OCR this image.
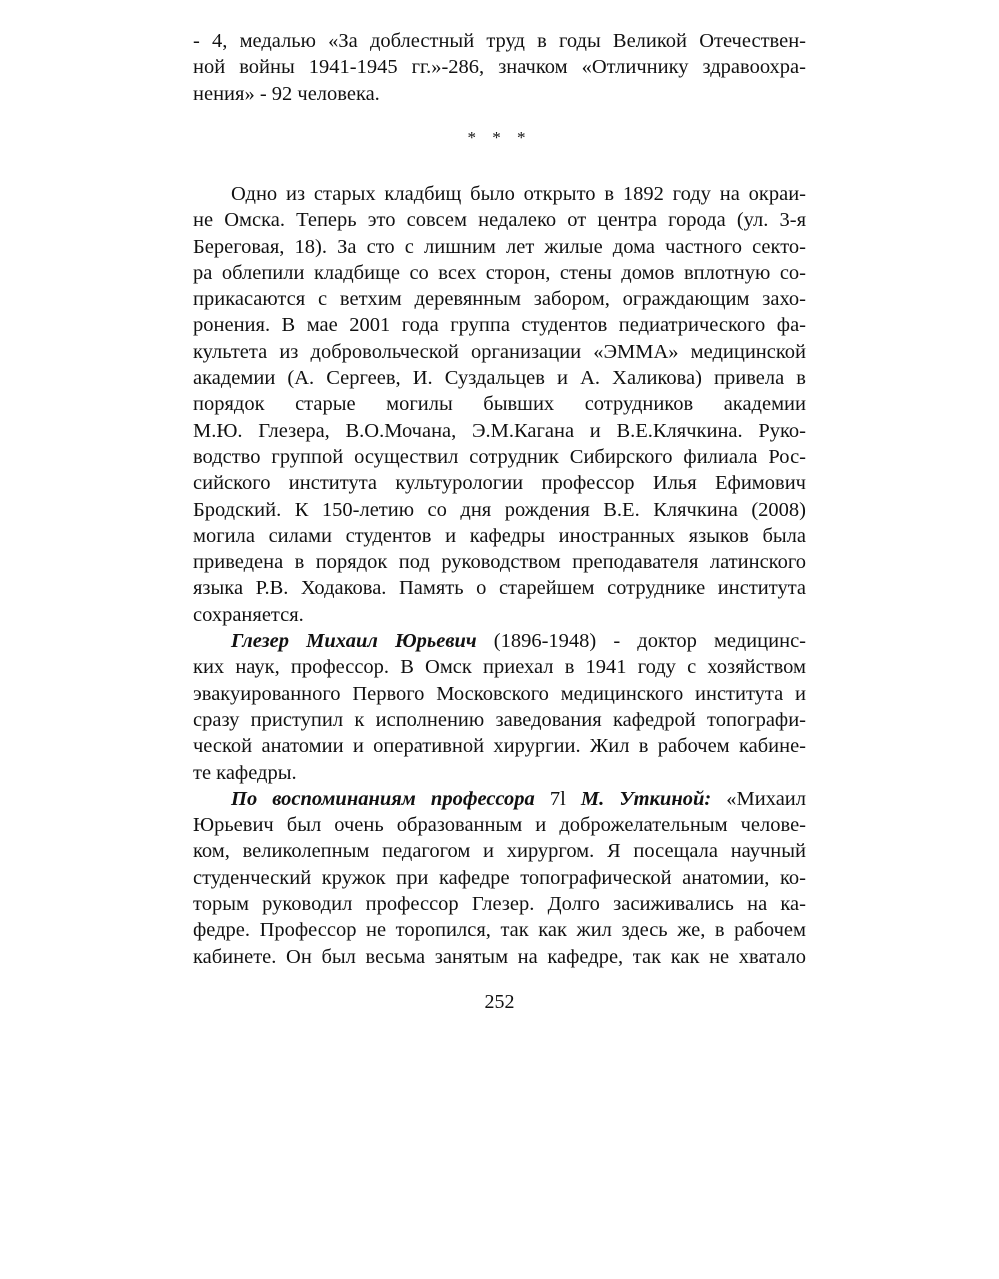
- 4, медалью «За доблестный труд в годы Великой Отечествен-
ной войны 1941-1945 гг.»-286, значком «Отличнику здравоохра-
нения» - 92 человека.
* * *
Одно из старых кладбищ было открыто в 1892 году на окраи-
не Омска. Теперь это совсем недалеко от центра города (ул. 3-я
Береговая, 18). За сто с лишним лет жилые дома частного секто-
ра облепили кладбище со всех сторон, стены домов вплотную со-
прикасаются с ветхим деревянным забором, ограждающим захо-
ронения. В мае 2001 года группа студентов педиатрического фа-
культета из добровольческой организации «ЭММА» медицинской
академии (А. Сергеев, И. Суздальцев и А. Халикова) привела в
порядок старые могилы бывших сотрудников академии
М.Ю. Глезера, В.О.Мочана, Э.М.Кагана и В.Е.Клячкина. Руко-
водство группой осуществил сотрудник Сибирского филиала Рос-
сийского института культурологии профессор Илья Ефимович
Бродский. К 150-летию со дня рождения В.Е. Клячкина (2008)
могила силами студентов и кафедры иностранных языков была
приведена в порядок под руководством преподавателя латинского
языка Р.В. Ходакова. Память о старейшем сотруднике института
сохраняется.
Глезер Михаил Юрьевич (1896-1948) - доктор медицинс-
ких наук, профессор. В Омск приехал в 1941 году с хозяйством
эвакуированного Первого Московского медицинского института и
сразу приступил к исполнению заведования кафедрой топографи-
ческой анатомии и оперативной хирургии. Жил в рабочем кабине-
те кафедры.
По воспоминаниям профессора 7l М. Уткиной: «Михаил
Юрьевич был очень образованным и доброжелательным челове-
ком, великолепным педагогом и хирургом. Я посещала научный
студенческий кружок при кафедре топографической анатомии, ко-
торым руководил профессор Глезер. Долго засиживались на ка-
федре. Профессор не торопился, так как жил здесь же, в рабочем
кабинете. Он был весьма занятым на кафедре, так как не хватало
252
